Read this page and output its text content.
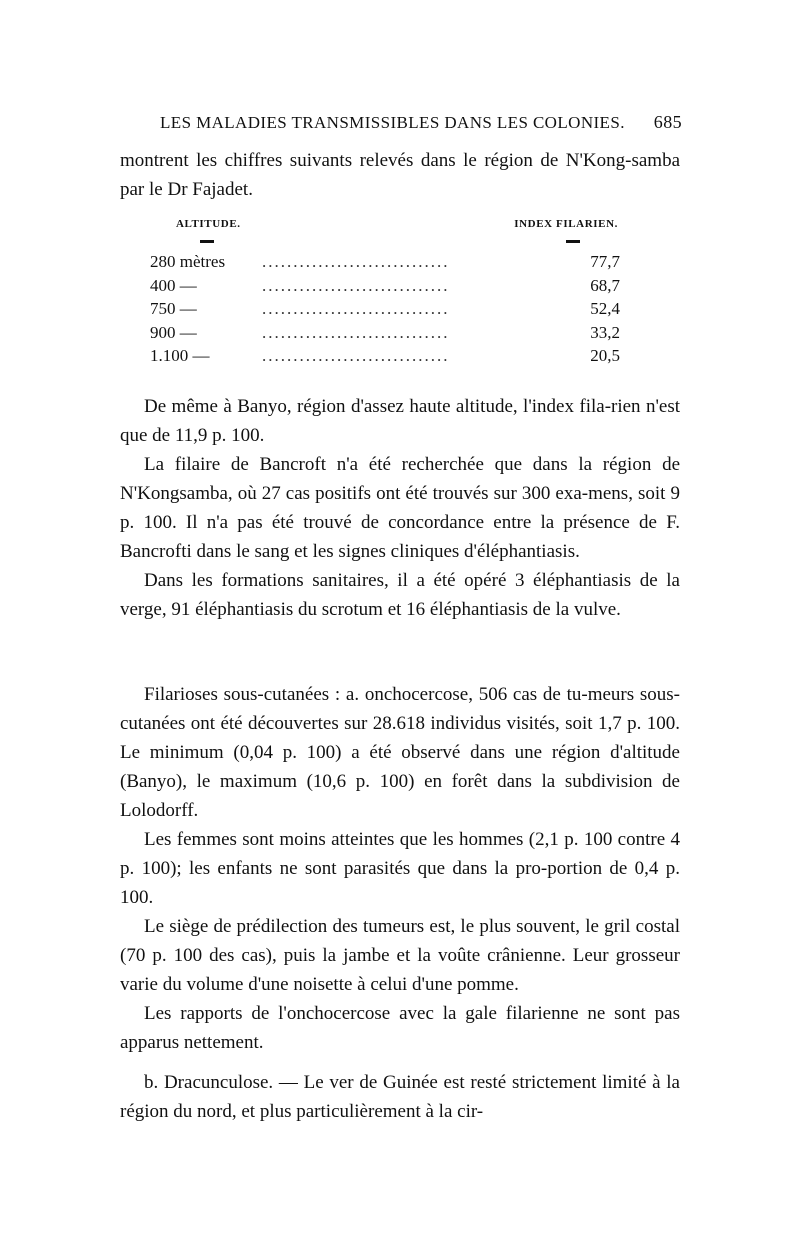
LES MALADIES TRANSMISSIBLES DANS LES COLONIES. 685

montrent les chiffres suivants relevés dans le région de N'Kong-samba par le Dr Fajadet.

ALTITUDE.	INDEX FILARIEN.
280 mètres	..............................	77,7
400 —	..............................	68,7
750 —	..............................	52,4
900 —	..............................	33,2
1.100 —	..............................	20,5

De même à Banyo, région d'assez haute altitude, l'index fila-rien n'est que de 11,9 p. 100.

La filaire de Bancroft n'a été recherchée que dans la région de N'Kongsamba, où 27 cas positifs ont été trouvés sur 300 exa-mens, soit 9 p. 100. Il n'a pas été trouvé de concordance entre la présence de F. Bancrofti dans le sang et les signes cliniques d'éléphantiasis.

Dans les formations sanitaires, il a été opéré 3 éléphantiasis de la verge, 91 éléphantiasis du scrotum et 16 éléphantiasis de la vulve.

Filarioses sous-cutanées : a. onchocercose, 506 cas de tu-meurs sous-cutanées ont été découvertes sur 28.618 individus visités, soit 1,7 p. 100. Le minimum (0,04 p. 100) a été observé dans une région d'altitude (Banyo), le maximum (10,6 p. 100) en forêt dans la subdivision de Lolodorff.

Les femmes sont moins atteintes que les hommes (2,1 p. 100 contre 4 p. 100); les enfants ne sont parasités que dans la pro-portion de 0,4 p. 100.

Le siège de prédilection des tumeurs est, le plus souvent, le gril costal (70 p. 100 des cas), puis la jambe et la voûte crânienne. Leur grosseur varie du volume d'une noisette à celui d'une pomme.

Les rapports de l'onchocercose avec la gale filarienne ne sont pas apparus nettement.

b. Dracunculose. — Le ver de Guinée est resté strictement limité à la région du nord, et plus particulièrement à la cir-
